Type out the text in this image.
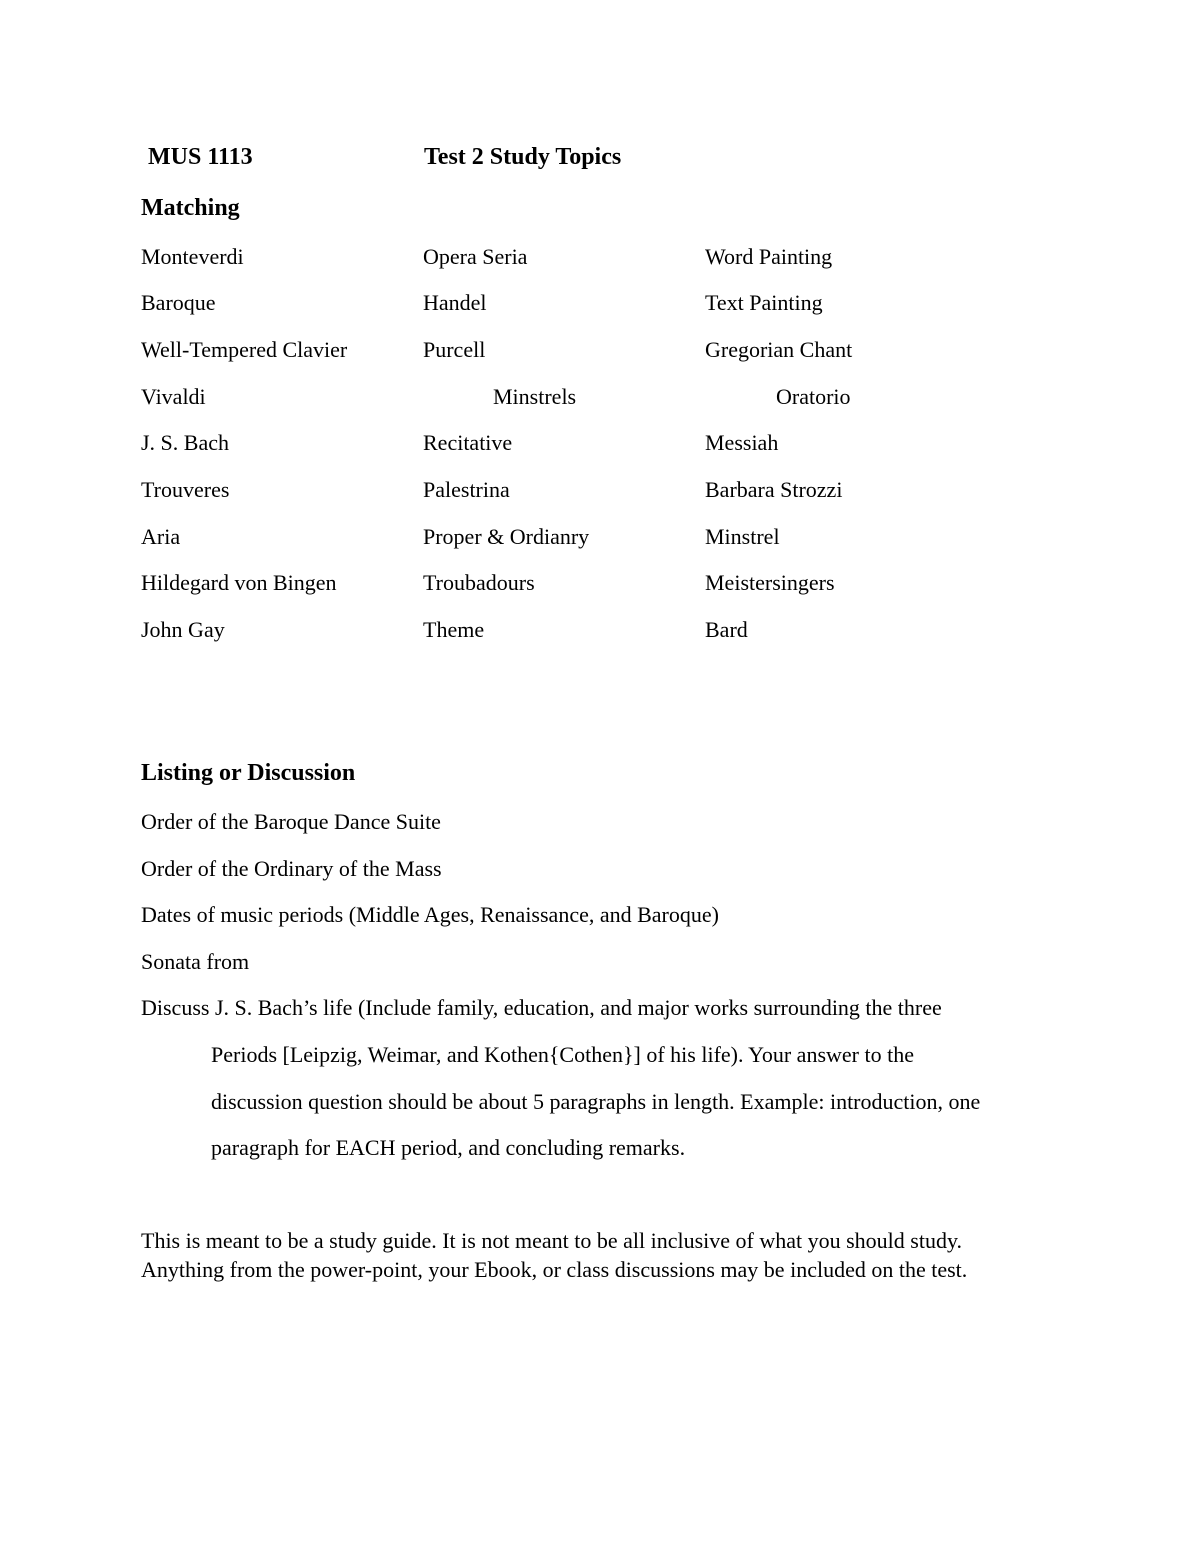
MUS 1113	Test 2 Study Topics
Matching
Monteverdi	Opera Seria	Word Painting
Baroque	Handel	Text Painting
Well-Tempered Clavier	Purcell	Gregorian Chant
Vivaldi	Minstrels	Oratorio
J. S. Bach	Recitative	Messiah
Trouveres	Palestrina	Barbara Strozzi
Aria	Proper & Ordianry	Minstrel
Hildegard von Bingen	Troubadours	Meistersingers
John Gay	Theme	Bard
Listing or Discussion
Order of the Baroque Dance Suite
Order of the Ordinary of the Mass
Dates of music periods (Middle Ages, Renaissance, and Baroque)
Sonata from
Discuss J. S. Bach’s life (Include family, education, and major works surrounding the three
Periods [Leipzig, Weimar, and Kothen{Cothen}] of his life). Your answer to the
discussion question should be about 5 paragraphs in length. Example: introduction, one
paragraph for EACH period, and concluding remarks.
This is meant to be a study guide. It is not meant to be all inclusive of what you should study.
Anything from the power-point, your Ebook, or class discussions may be included on the test.
